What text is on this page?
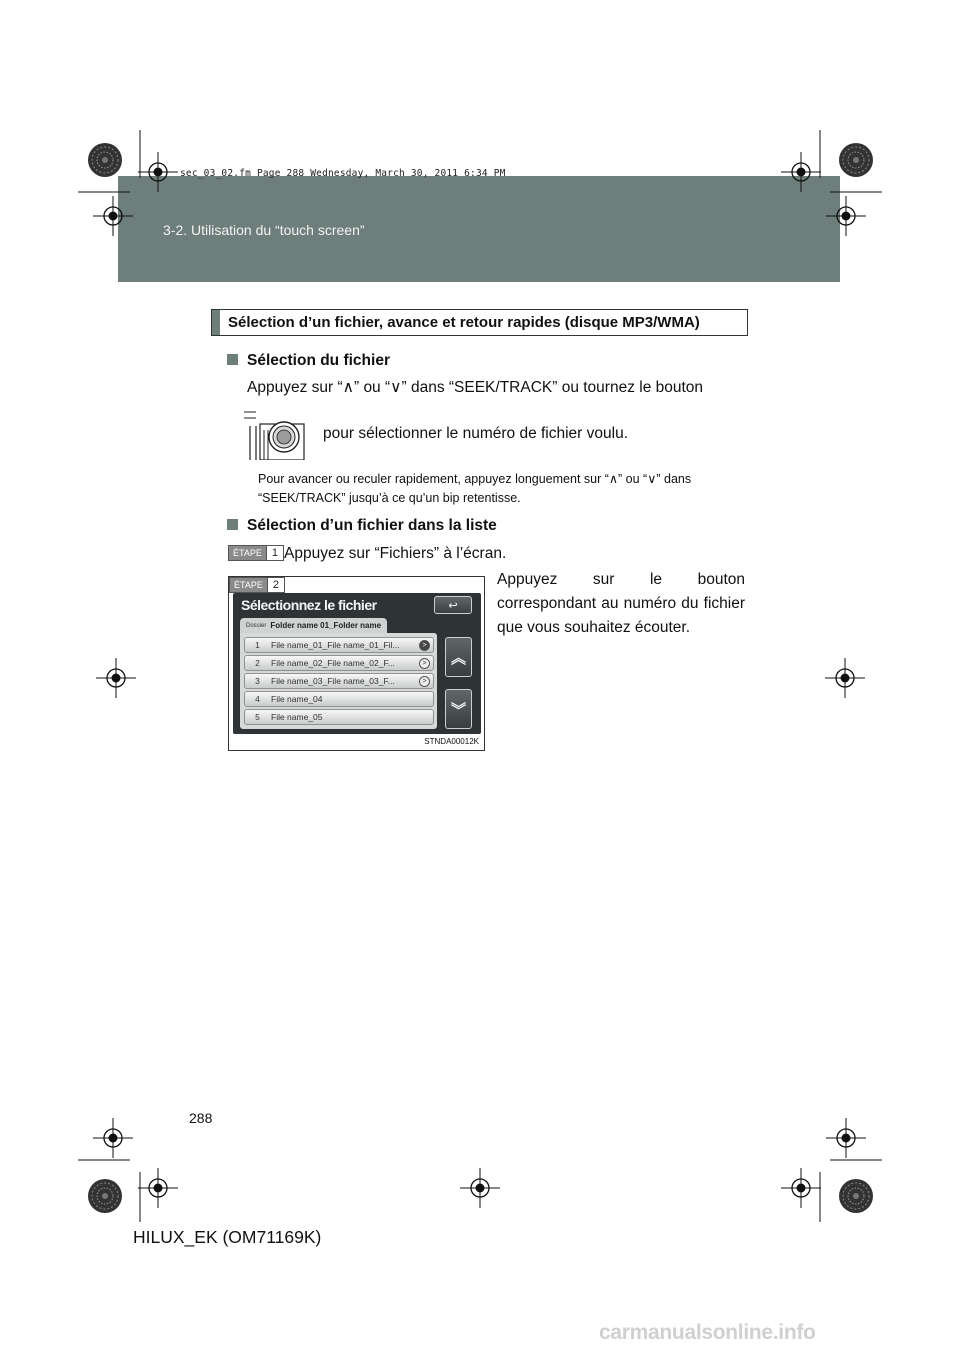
3-2. Utilisation du “touch screen”
sec_03_02.fm Page 288 Wednesday, March 30, 2011 6:34 PM
Sélection d’un fichier, avance et retour rapides (disque MP3/WMA)
Sélection du fichier
Appuyez sur “∧” ou “∨” dans “SEEK/TRACK” ou tournez le bouton
pour sélectionner le numéro de fichier voulu.
Pour avancer ou reculer rapidement, appuyez longuement sur “∧” ou “∨” dans “SEEK/TRACK” jusqu’à ce qu’un bip retentisse.
Sélection d’un fichier dans la liste
ÉTAPE 1 Appuyez sur “Fichiers” à l’écran.
ÉTAPE 2
Sélectionnez le fichier	↩
Dossier Folder name 01_Folder name
1	File name_01_File name_01_Fil...	>
2	File name_02_File name_02_F...	>
3	File name_03_File name_03_F...	>
4	File name_04
5	File name_05
︽
︾
STNDA00012K
Appuyez sur le bouton correspondant au numéro du fichier que vous souhaitez écouter.
288
HILUX_EK (OM71169K)
carmanualsonline.info
